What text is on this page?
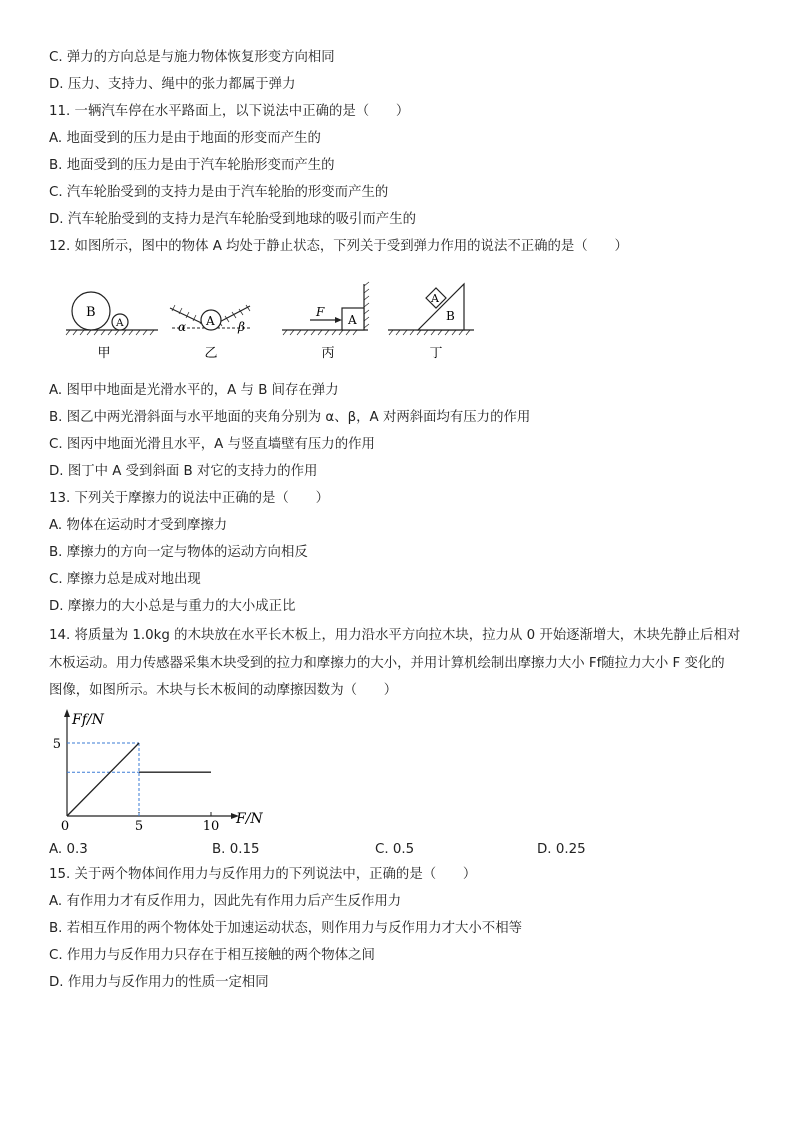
C. 弹力的方向总是与施力物体恢复形变方向相同
D. 压力、支持力、绳中的张力都属于弹力
11. 一辆汽车停在水平路面上，以下说法中正确的是（　　）
A. 地面受到的压力是由于地面的形变而产生的
B. 地面受到的压力是由于汽车轮胎形变而产生的
C. 汽车轮胎受到的支持力是由于汽车轮胎的形变而产生的
D. 汽车轮胎受到的支持力是汽车轮胎受到地球的吸引而产生的
12. 如图所示，图中的物体 A 均处于静止状态，下列关于受到弹力作用的说法不正确的是（　　）
B
A
甲
A
α	β
乙
A
F
丙
A
B
丁
A. 图甲中地面是光滑水平的，A 与 B 间存在弹力
B. 图乙中两光滑斜面与水平地面的夹角分别为 α、β，A 对两斜面均有压力的作用
C. 图丙中地面光滑且水平，A 与竖直墙壁有压力的作用
D. 图丁中 A 受到斜面 B 对它的支持力的作用
13. 下列关于摩擦力的说法中正确的是（　　）
A. 物体在运动时才受到摩擦力
B. 摩擦力的方向一定与物体的运动方向相反
C. 摩擦力总是成对地出现
D. 摩擦力的大小总是与重力的大小成正比
14. 将质量为 1.0kg 的木块放在水平长木板上，用力沿水平方向拉木块，拉力从 0 开始逐渐增大，木块先静止后相对
木板运动。用力传感器采集木块受到的拉力和摩擦力的大小，并用计算机绘制出摩擦力大小 Ff随拉力大小 F 变化的
图像，如图所示。木块与长木板间的动摩擦因数为（　　）
Ff/N
F/N
0	5	10
5
A. 0.3	B. 0.15	C. 0.5	D. 0.25
15. 关于两个物体间作用力与反作用力的下列说法中，正确的是（　　）
A. 有作用力才有反作用力，因此先有作用力后产生反作用力
B. 若相互作用的两个物体处于加速运动状态，则作用力与反作用力才大小不相等
C. 作用力与反作用力只存在于相互接触的两个物体之间
D. 作用力与反作用力的性质一定相同
